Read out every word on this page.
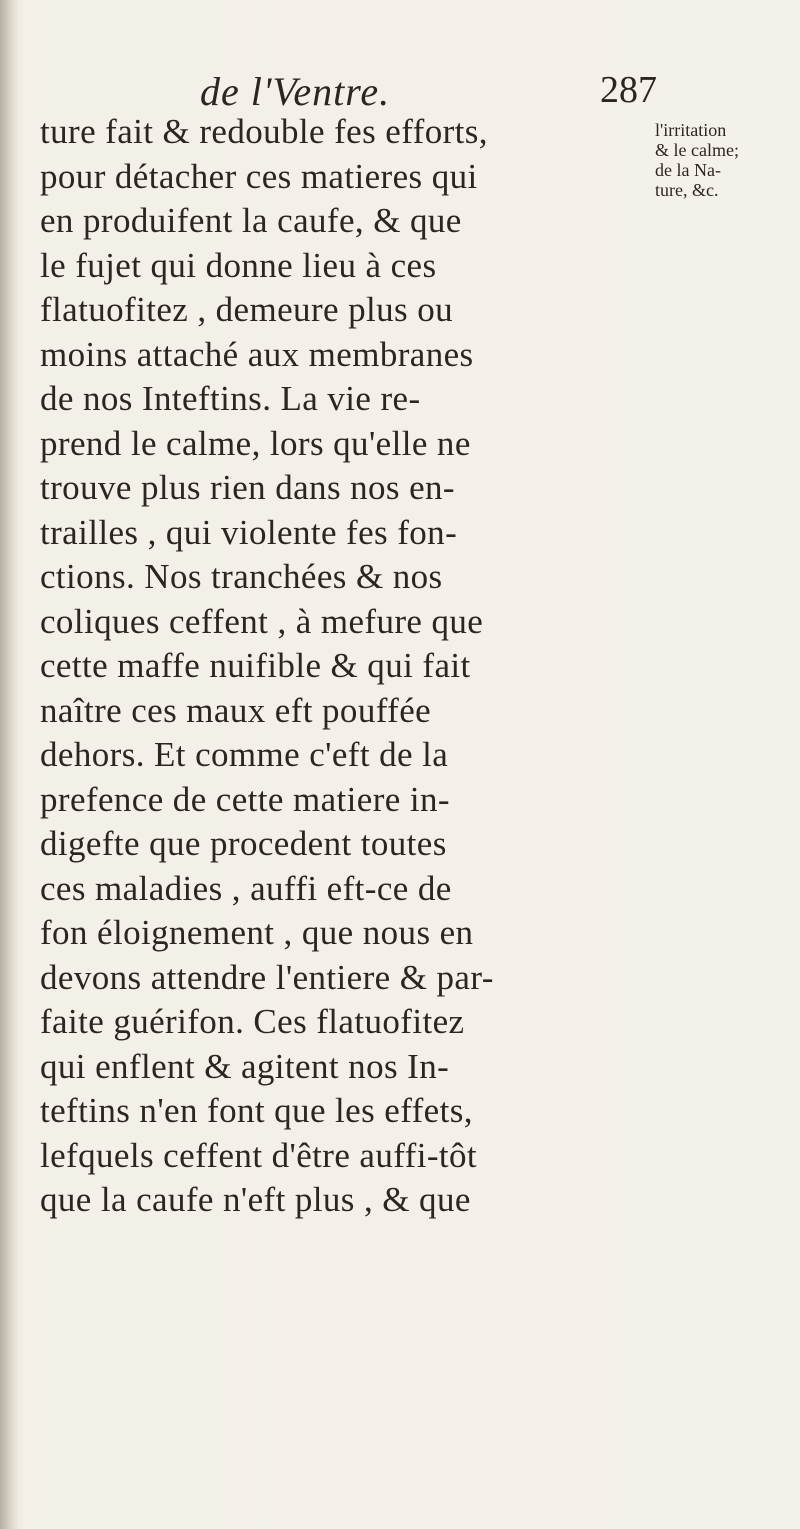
de l'Ventre.	287
ture fait & redouble fes efforts,
pour détacher ces matieres qui
en produifent la caufe, & que
le fujet qui donne lieu à ces
flatuofitez , demeure plus ou
moins attaché aux membranes
de nos Inteftins. La vie re-
prend le calme, lors qu'elle ne
trouve plus rien dans nos en-
trailles , qui violente fes fon-
ctions. Nos tranchées & nos
coliques ceffent , à mefure que
cette maffe nuifible & qui fait
naître ces maux eft pouffée
dehors. Et comme c'eft de la
prefence de cette matiere in-
digefte que procedent toutes
ces maladies , auffi eft-ce de
fon éloignement , que nous en
devons attendre l'entiere & par-
faite guérifon. Ces flatuofitez
qui enflent & agitent nos In-
teftins n'en font que les effets,
lefquels ceffent d'être auffi-tôt
que la caufe n'eft plus , & que
l'irritation
& le calme;
de la Na-
ture, &c.
